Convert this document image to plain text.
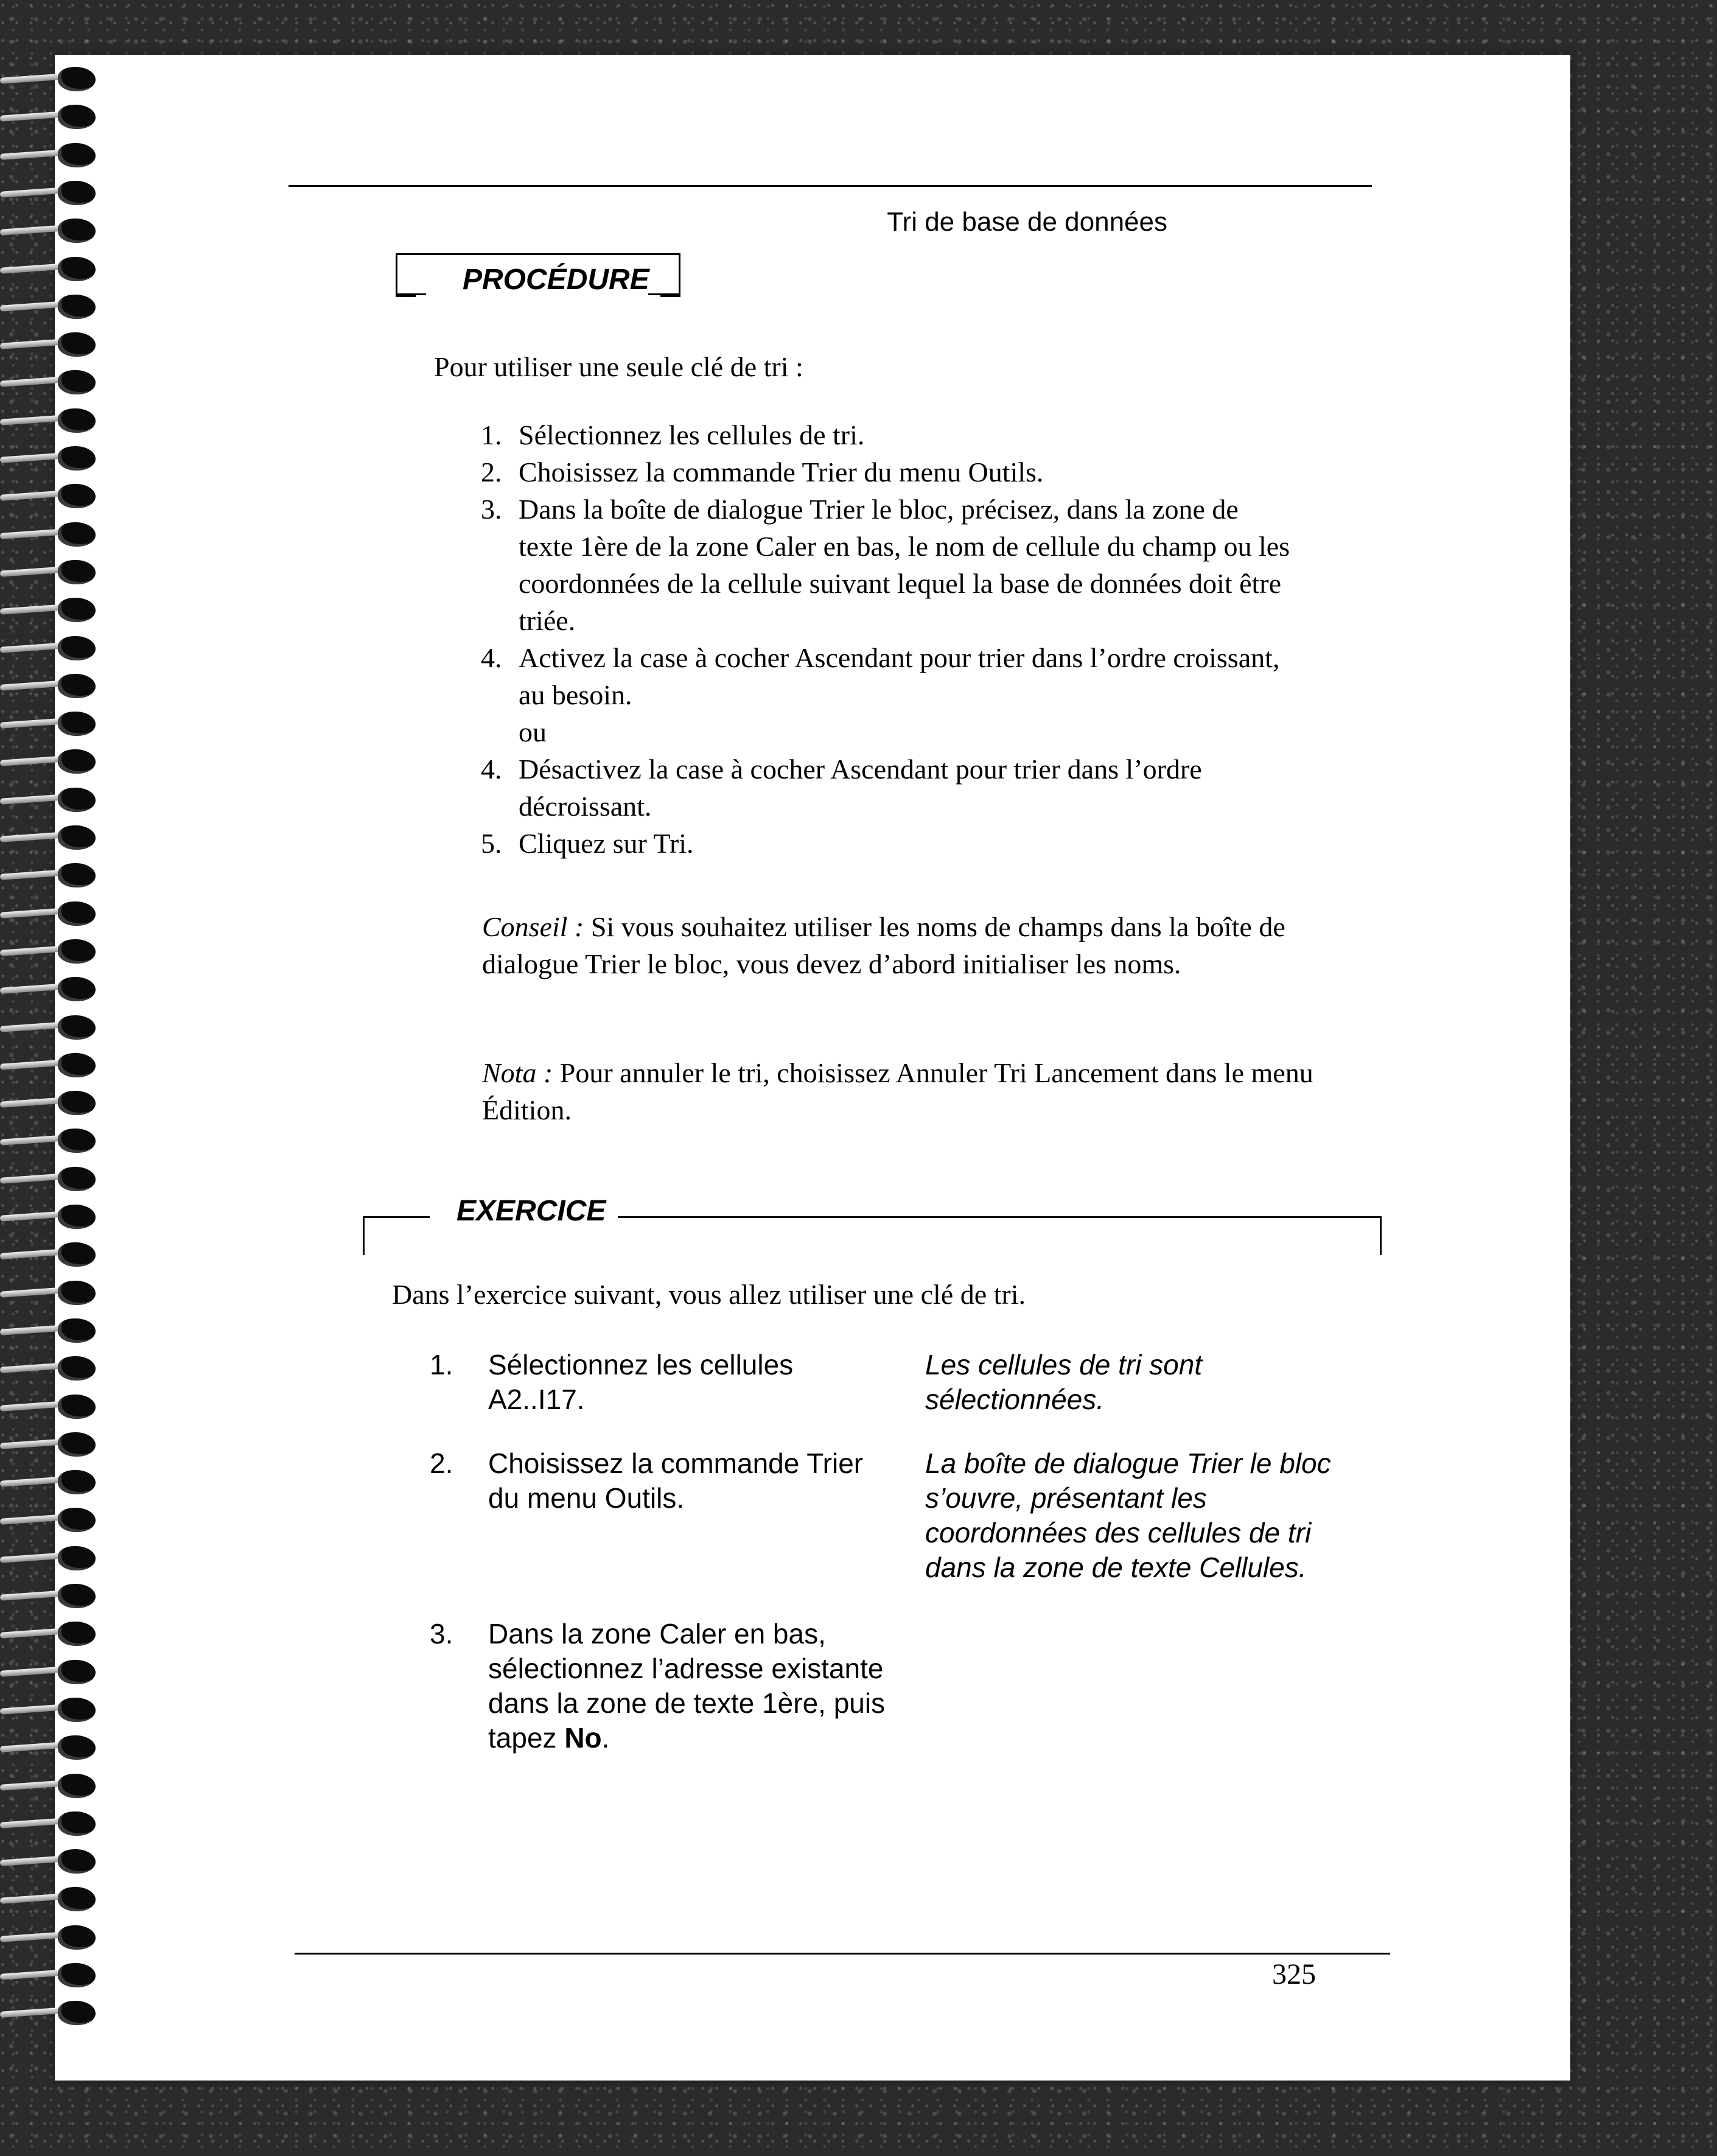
Tri de base de données

PROCÉDURE

Pour utiliser une seule clé de tri :

1. Sélectionnez les cellules de tri.
2. Choisissez la commande Trier du menu Outils.
3. Dans la boîte de dialogue Trier le bloc, précisez, dans la zone de texte 1ère de la zone Caler en bas, le nom de cellule du champ ou les coordonnées de la cellule suivant lequel la base de données doit être triée.
4. Activez la case à cocher Ascendant pour trier dans l’ordre croissant, au besoin.
ou
4. Désactivez la case à cocher Ascendant pour trier dans l’ordre décroissant.
5. Cliquez sur Tri.

Conseil : Si vous souhaitez utiliser les noms de champs dans la boîte de dialogue Trier le bloc, vous devez d’abord initialiser les noms.

Nota : Pour annuler le tri, choisissez Annuler Tri Lancement dans le menu Édition.

EXERCICE

Dans l’exercice suivant, vous allez utiliser une clé de tri.

1. Sélectionnez les cellules A2..I17.

Les cellules de tri sont sélectionnées.

2. Choisissez la commande Trier du menu Outils.

La boîte de dialogue Trier le bloc s’ouvre, présentant les coordonnées des cellules de tri dans la zone de texte Cellules.

3. Dans la zone Caler en bas, sélectionnez l’adresse existante dans la zone de texte 1ère, puis tapez No.

325
